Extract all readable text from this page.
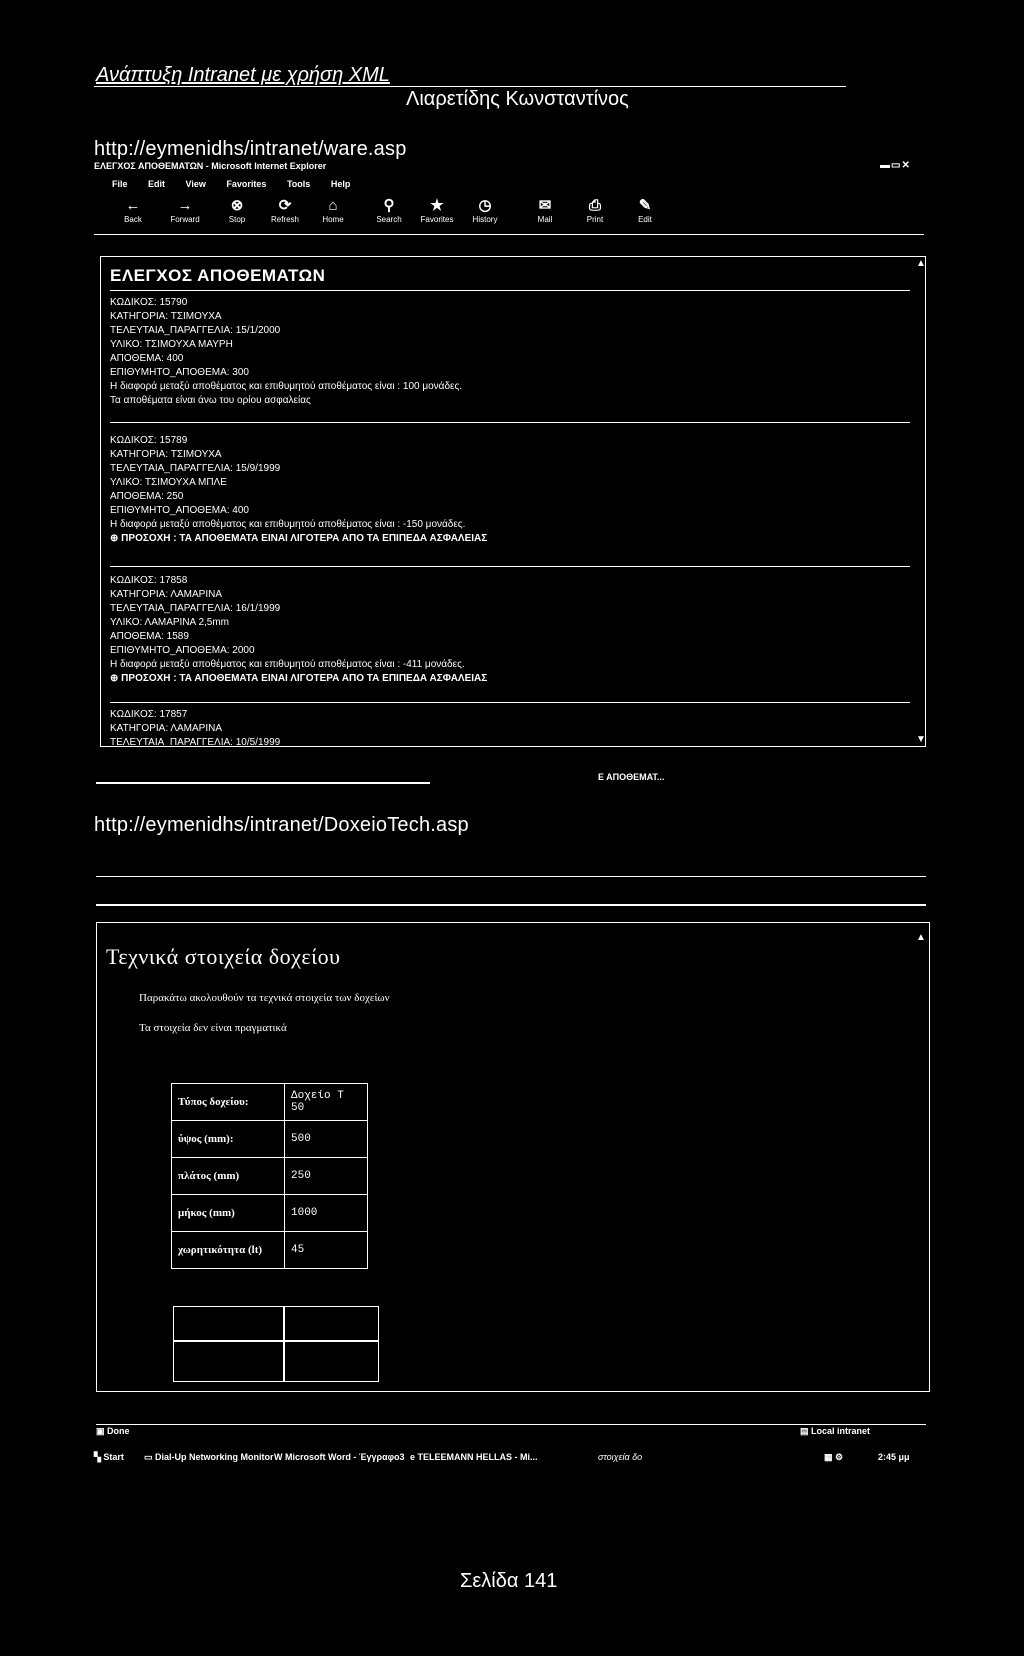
Ανάπτυξη Intranet με χρήση XML
Λιαρετίδης Κωνσταντίνος
http://eymenidhs/intranet/ware.asp
ΕΛΕΓΧΟΣ ΑΠΟΘΕΜΑΤΩΝ - Microsoft Internet Explorer	▬▭✕
File Edit View Favorites Tools Help
←
Back
→
Forward
⊗
Stop
⟳
Refresh
⌂
Home
⚲
Search
★
Favorites
◷
History
✉
Mail
⎙
Print
✎
Edit
▲
ΕΛΕΓΧΟΣ ΑΠΟΘΕΜΑΤΩΝ
ΚΩΔΙΚΟΣ: 15790
ΚΑΤΗΓΟΡΙΑ: ΤΣΙΜΟΥΧΑ
ΤΕΛΕΥΤΑΙΑ_ΠΑΡΑΓΓΕΛΙΑ: 15/1/2000
ΥΛΙΚΟ: ΤΣΙΜΟΥΧΑ ΜΑΥΡΗ
ΑΠΟΘΕΜΑ: 400
ΕΠΙΘΥΜΗΤΟ_ΑΠΟΘΕΜΑ: 300
Η διαφορά μεταξύ αποθέματος και επιθυμητού αποθέματος είναι : 100 μονάδες.
Τα αποθέματα είναι άνω του ορίου ασφαλείας
ΚΩΔΙΚΟΣ: 15789
ΚΑΤΗΓΟΡΙΑ: ΤΣΙΜΟΥΧΑ
ΤΕΛΕΥΤΑΙΑ_ΠΑΡΑΓΓΕΛΙΑ: 15/9/1999
ΥΛΙΚΟ: ΤΣΙΜΟΥΧΑ ΜΠΛΕ
ΑΠΟΘΕΜΑ: 250
ΕΠΙΘΥΜΗΤΟ_ΑΠΟΘΕΜΑ: 400
Η διαφορά μεταξύ αποθέματος και επιθυμητού αποθέματος είναι : -150 μονάδες.
⊕ ΠΡΟΣΟΧΗ : ΤΑ ΑΠΟΘΕΜΑΤΑ ΕΙΝΑΙ ΛΙΓΟΤΕΡΑ ΑΠΟ ΤΑ ΕΠΙΠΕΔΑ ΑΣΦΑΛΕΙΑΣ
ΚΩΔΙΚΟΣ: 17858
ΚΑΤΗΓΟΡΙΑ: ΛΑΜΑΡΙΝΑ
ΤΕΛΕΥΤΑΙΑ_ΠΑΡΑΓΓΕΛΙΑ: 16/1/1999
ΥΛΙΚΟ: ΛΑΜΑΡΙΝΑ 2,5mm
ΑΠΟΘΕΜΑ: 1589
ΕΠΙΘΥΜΗΤΟ_ΑΠΟΘΕΜΑ: 2000
Η διαφορά μεταξύ αποθέματος και επιθυμητού αποθέματος είναι : -411 μονάδες.
⊕ ΠΡΟΣΟΧΗ : ΤΑ ΑΠΟΘΕΜΑΤΑ ΕΙΝΑΙ ΛΙΓΟΤΕΡΑ ΑΠΟ ΤΑ ΕΠΙΠΕΔΑ ΑΣΦΑΛΕΙΑΣ
ΚΩΔΙΚΟΣ: 17857
ΚΑΤΗΓΟΡΙΑ: ΛΑΜΑΡΙΝΑ
ΤΕΛΕΥΤΑΙΑ_ΠΑΡΑΓΓΕΛΙΑ: 10/5/1999	▼
Ε ΑΠΟΘΕΜΑΤ...
http://eymenidhs/intranet/DoxeioTech.asp
▲
Τεχνικά στοιχεία δοχείου
Παρακάτω ακολουθούν τα τεχνικά στοιχεία των δοχείων
Τα στοιχεία δεν είναι πραγματικά
Τύπος δοχείου:	Δοχείο Τ 50
ύψος (mm):	500
πλάτος (mm)	250
μήκος (mm)	1000
χωρητικότητα (lt)	45
▣ Done	▤ Local intranet
▚ Start ▭ Dial-Up Networking Monitor W Microsoft Word - Έγγραφο3 e TELEEMANN HELLAS - Mi...	στοιχεία δο	▦ ⚙	2:45 μμ
Σελίδα 141
